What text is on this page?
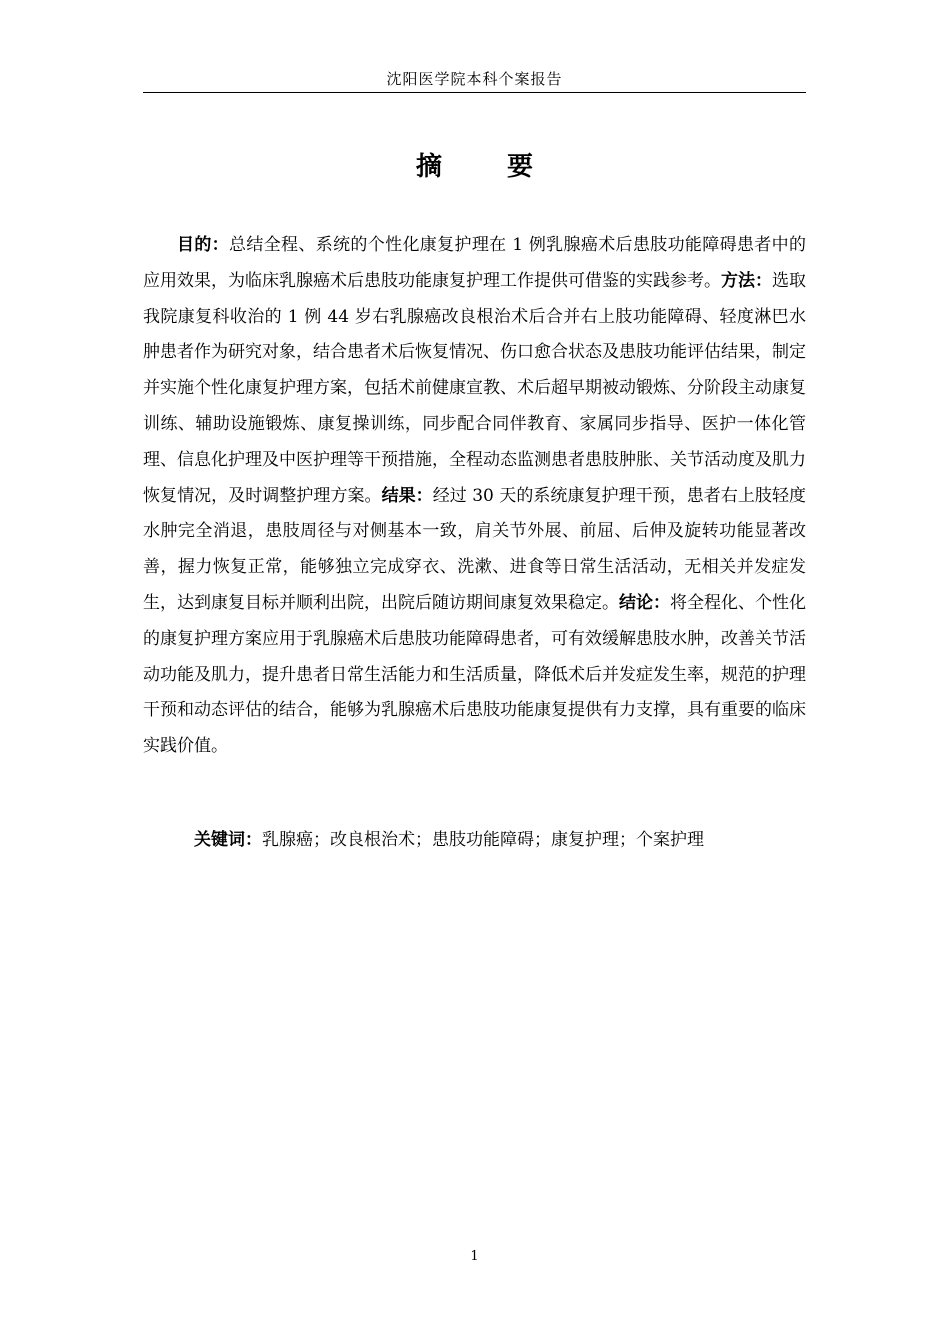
沈阳医学院本科个案报告
摘 要
目的：总结全程、系统的个性化康复护理在 1 例乳腺癌术后患肢功能障碍患者中的应用效果，为临床乳腺癌术后患肢功能康复护理工作提供可借鉴的实践参考。方法：选取我院康复科收治的 1 例 44 岁右乳腺癌改良根治术后合并右上肢功能障碍、轻度淋巴水肿患者作为研究对象，结合患者术后恢复情况、伤口愈合状态及患肢功能评估结果，制定并实施个性化康复护理方案，包括术前健康宣教、术后超早期被动锻炼、分阶段主动康复训练、辅助设施锻炼、康复操训练，同步配合同伴教育、家属同步指导、医护一体化管理、信息化护理及中医护理等干预措施，全程动态监测患者患肢肿胀、关节活动度及肌力恢复情况，及时调整护理方案。结果：经过 30 天的系统康复护理干预，患者右上肢轻度水肿完全消退，患肢周径与对侧基本一致，肩关节外展、前屈、后伸及旋转功能显著改善，握力恢复正常，能够独立完成穿衣、洗漱、进食等日常生活活动，无相关并发症发生，达到康复目标并顺利出院，出院后随访期间康复效果稳定。结论：将全程化、个性化的康复护理方案应用于乳腺癌术后患肢功能障碍患者，可有效缓解患肢水肿，改善关节活动功能及肌力，提升患者日常生活能力和生活质量，降低术后并发症发生率，规范的护理干预和动态评估的结合，能够为乳腺癌术后患肢功能康复提供有力支撑，具有重要的临床实践价值。
关键词：乳腺癌；改良根治术；患肢功能障碍；康复护理；个案护理
1
